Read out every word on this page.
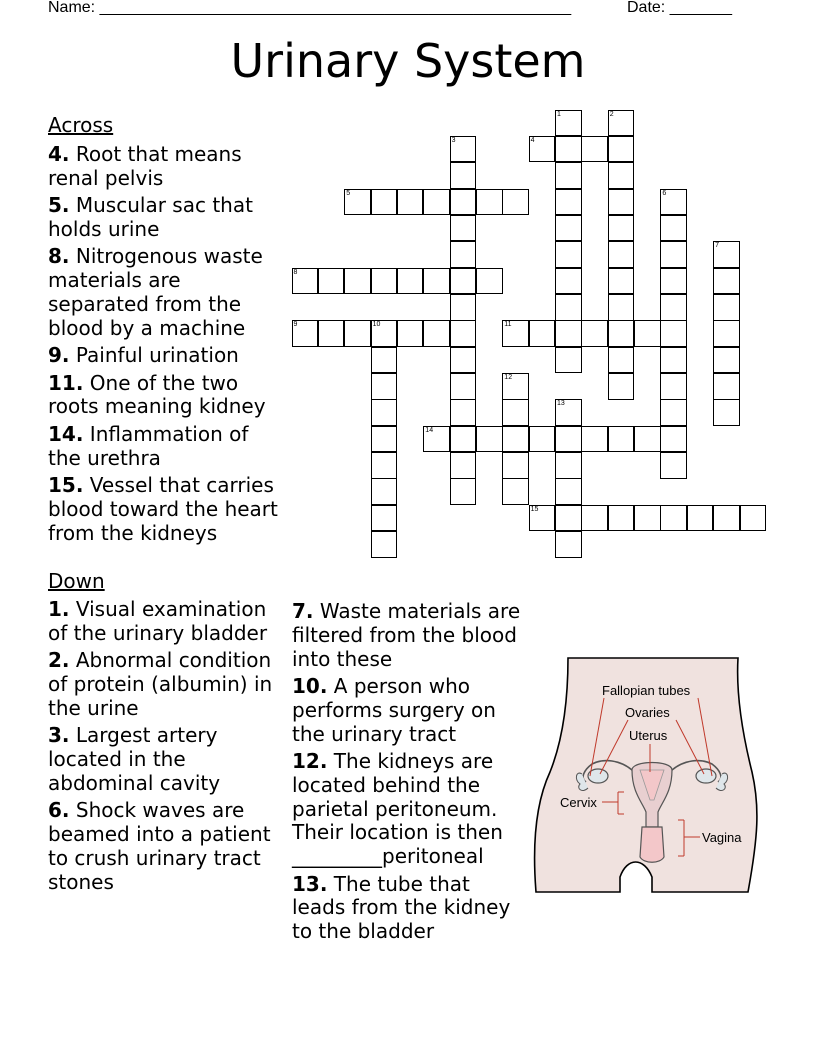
Name: _____________________________________________________	Date: _______
Urinary System
Across
4. Root that means renal pelvis
5. Muscular sac that holds urine
8. Nitrogenous waste materials are separated from the blood by a machine
9. Painful urination
11. One of the two roots meaning kidney
14. Inflammation of the urethra
15. Vessel that carries blood toward the heart from the kidneys
Down
1. Visual examination of the urinary bladder
2. Abnormal condition of protein (albumin) in the urine
3. Largest artery located in the abdominal cavity
6. Shock waves are beamed into a patient to crush urinary tract stones
7. Waste materials are filtered from the blood into these
10. A person who performs surgery on the urinary tract
12. The kidneys are located behind the parietal peritoneum. Their location is then _________peritoneal
13. The tube that leads from the kidney to the bladder
1	2
3	4
5	6
7
8
9	10	11
12
13
14
15
Fallopian tubes
Ovaries
Uterus
Cervix
Vagina
